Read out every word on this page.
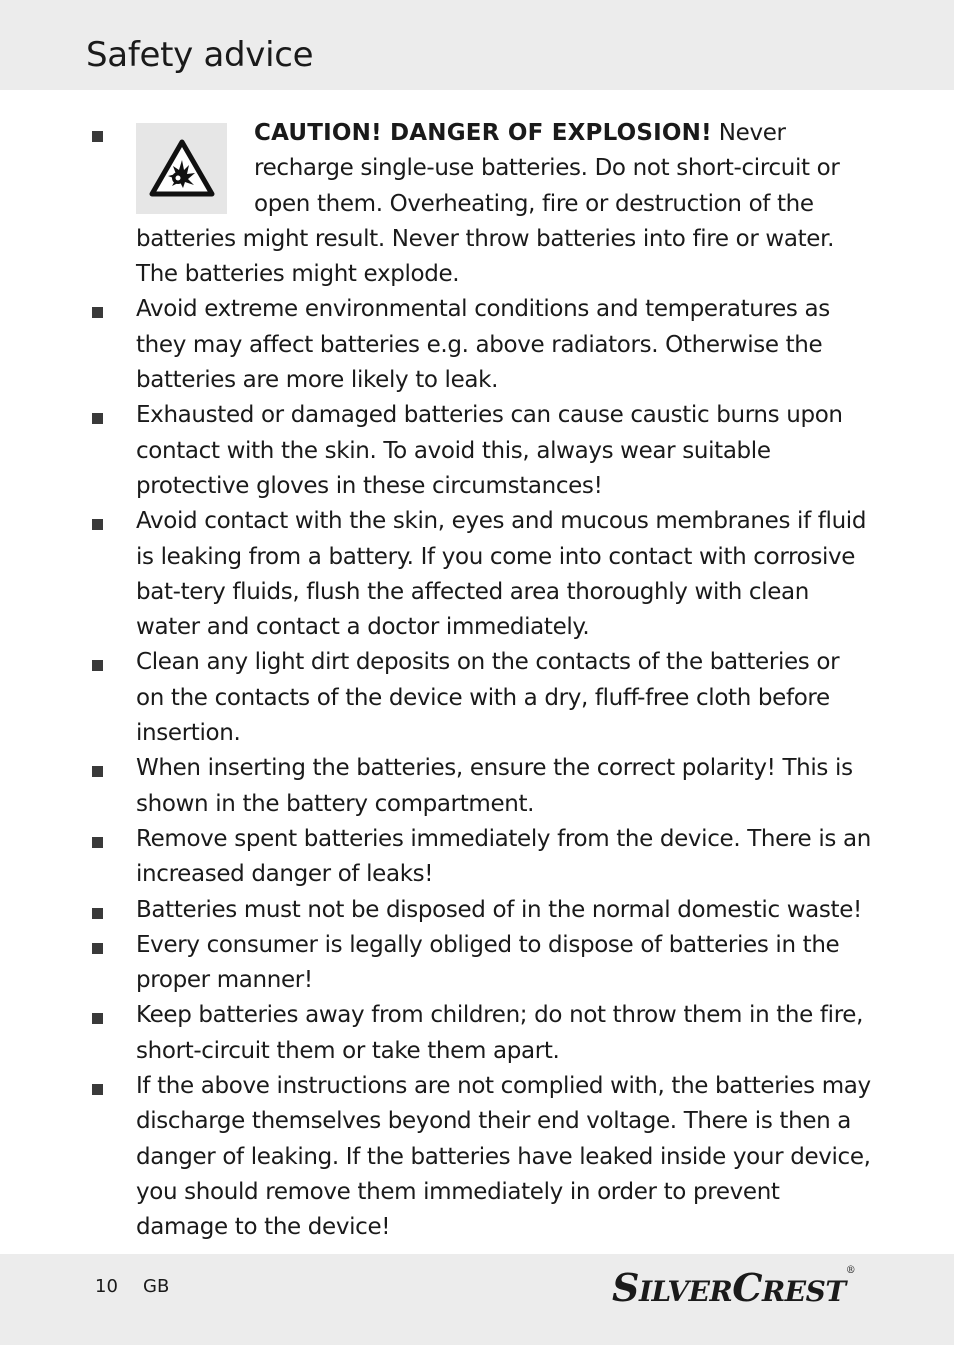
Safety advice
CAUTION! DANGER OF EXPLOSION! Never recharge single-use batteries. Do not short-circuit or open them. Overheating, fire or destruction of the batteries might result. Never throw batteries into fire or water. The batteries might explode.
Avoid extreme environmental conditions and temperatures as they may affect batteries e.g. above radiators. Otherwise the batteries are more likely to leak.
Exhausted or damaged batteries can cause caustic burns upon contact with the skin. To avoid this, always wear suitable protective gloves in these circumstances!
Avoid contact with the skin, eyes and mucous membranes if fluid is leaking from a battery. If you come into contact with corrosive bat-tery fluids, flush the affected area thoroughly with clean water and contact a doctor immediately.
Clean any light dirt deposits on the contacts of the batteries or on the contacts of the device with a dry, fluff-free cloth before insertion.
When inserting the batteries, ensure the correct polarity! This is shown in the battery compartment.
Remove spent batteries immediately from the device. There is an increased danger of leaks!
Batteries must not be disposed of in the normal domestic waste!
Every consumer is legally obliged to dispose of batteries in the proper manner!
Keep batteries away from children; do not throw them in the fire, short-circuit them or take them apart.
If the above instructions are not complied with, the batteries may discharge themselves beyond their end voltage. There is then a danger of leaking. If the batteries have leaked inside your device, you should remove them immediately in order to prevent damage to the device!
10 GB	SILVERCREST®
